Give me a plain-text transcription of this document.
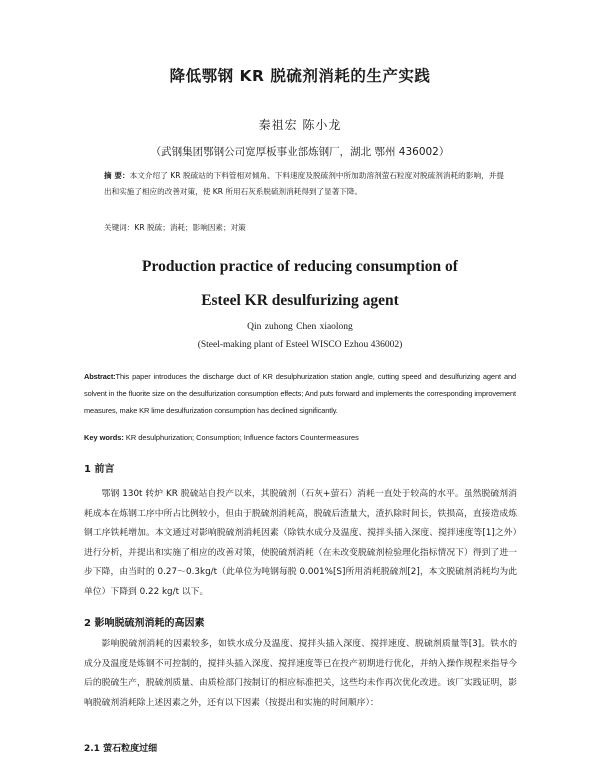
降低鄂钢 KR 脱硫剂消耗的生产实践
秦祖宏 陈小龙
（武钢集团鄂钢公司宽厚板事业部炼钢厂，湖北 鄂州 436002）
摘 要：本文介绍了 KR 脱硫站的下料管相对倾角、下料速度及脱硫剂中所加助溶剂萤石粒度对脱硫剂消耗的影响，并提出和实施了相应的改善对策，使 KR 所用石灰系脱硫剂消耗得到了显著下降。
关键词：KR 脱硫；消耗；影响因素；对策
Production practice of reducing consumption of
Esteel KR desulfurizing agent
Qin zuhong Chen xiaolong
(Steel-making plant of Esteel WISCO Ezhou 436002)
Abstract:This paper introduces the discharge duct of KR desulphurization station angle, cutting speed and desulfurizing agent and solvent in the fluorite size on the desulfurization consumption effects; And puts forward and implements the corresponding improvement measures, make KR lime desulfurization consumption has declined significantly.
Key words: KR desulphurization; Consumption; Influence factors Countermeasures
1 前言
鄂钢 130t 转炉 KR 脱硫站自投产以来，其脱硫剂（石灰+萤石）消耗一直处于较高的水平。虽然脱硫剂消耗成本在炼钢工序中所占比例较小，但由于脱硫剂消耗高，脱硫后渣量大，渣扒除时间长，铁损高，直接造成炼钢工序铁耗增加。本文通过对影响脱硫剂消耗因素（除铁水成分及温度、搅拌头插入深度、搅拌速度等[1]之外）进行分析，并提出和实施了相应的改善对策，使脱硫剂消耗（在未改变脱硫剂检验理化指标情况下）得到了进一步下降，由当时的 0.27～0.3kg/t（此单位为吨钢每脱 0.001%[S]所用消耗脱硫剂[2]，本文脱硫剂消耗均为此单位）下降到 0.22 kg/t 以下。
2 影响脱硫剂消耗的高因素
影响脱硫剂消耗的因素较多，如铁水成分及温度、搅拌头插入深度、搅拌速度、脱硫剂质量等[3]。铁水的成分及温度是炼钢不可控制的，搅拌头插入深度、搅拌速度等已在投产初期进行优化，并纳入操作规程来指导今后的脱硫生产，脱硫剂质量、由质检部门按制订的相应标准把关，这些均未作再次优化改进。该厂实践证明，影响脱硫剂消耗除上述因素之外，还有以下因素（按提出和实施的时间顺序）：
2.1 萤石粒度过细
